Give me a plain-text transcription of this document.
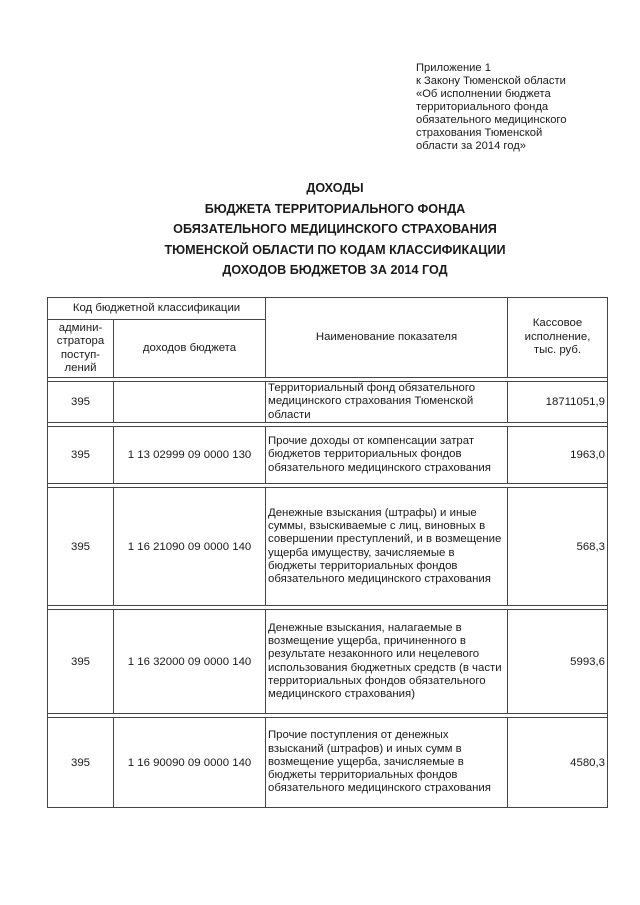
Приложение 1
к Закону Тюменской области
«Об исполнении бюджета
территориального фонда
обязательного медицинского
страхования Тюменской
области за 2014 год»
ДОХОДЫ
БЮДЖЕТА ТЕРРИТОРИАЛЬНОГО ФОНДА
ОБЯЗАТЕЛЬНОГО МЕДИЦИНСКОГО СТРАХОВАНИЯ
ТЮМЕНСКОЙ ОБЛАСТИ ПО КОДАМ КЛАССИФИКАЦИИ
ДОХОДОВ БЮДЖЕТОВ ЗА 2014 ГОД
Код бюджетной классификации		Наименование показателя	Кассовое
исполнение,
тыс. руб.
админи-
стратора
поступ-
лений	доходов бюджета		

395		Территориальный фонд обязательного медицинского страхования Тюменской области	18711051,9

395	1 13 02999 09 0000 130	Прочие доходы от компенсации затрат бюджетов территориальных фондов обязательного медицинского страхования	1963,0

395	1 16 21090 09 0000 140	Денежные взыскания (штрафы) и иные суммы, взыскиваемые с лиц, виновных в совершении преступлений, и в возмещение ущерба имуществу, зачисляемые в бюджеты территориальных фондов обязательного медицинского страхования	568,3

395	1 16 32000 09 0000 140	Денежные взыскания, налагаемые в возмещение ущерба, причиненного в результате незаконного или нецелевого использования бюджетных средств (в части территориальных фондов обязательного медицинского страхования)	5993,6

395	1 16 90090 09 0000 140	Прочие поступления от денежных взысканий (штрафов) и иных сумм в возмещение ущерба, зачисляемые в бюджеты территориальных фондов обязательного медицинского страхования	4580,3
